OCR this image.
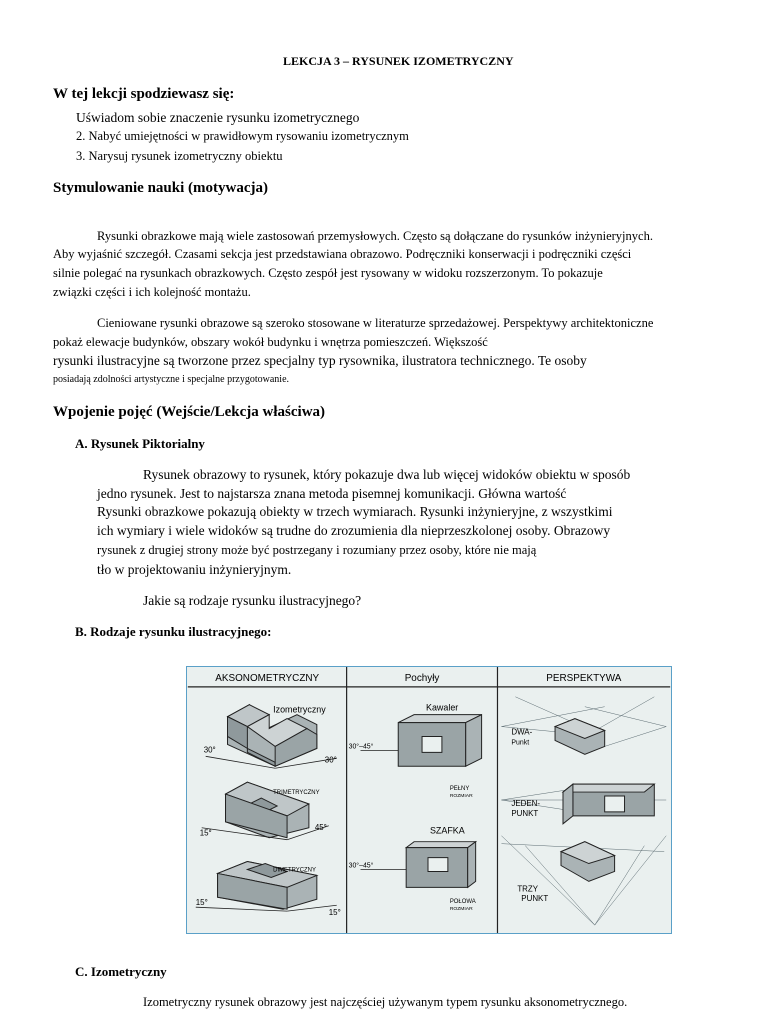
LEKCJA 3 – RYSUNEK IZOMETRYCZNY
W tej lekcji spodziewasz się:
Uświadom sobie znaczenie rysunku izometrycznego
2. Nabyć umiejętności w prawidłowym rysowaniu izometrycznym
3. Narysuj rysunek izometryczny obiektu
Stymulowanie nauki (motywacja)
Rysunki obrazkowe mają wiele zastosowań przemysłowych. Często są dołączane do rysunków inżynieryjnych.
Aby wyjaśnić szczegół. Czasami sekcja jest przedstawiana obrazowo. Podręczniki konserwacji i podręczniki części
silnie polegać na rysunkach obrazkowych. Często zespół jest rysowany w widoku rozszerzonym. To pokazuje
związki części i ich kolejność montażu.
Cieniowane rysunki obrazowe są szeroko stosowane w literaturze sprzedażowej. Perspektywy architektoniczne
pokaż elewacje budynków, obszary wokół budynku i wnętrza pomieszczeń. Większość
rysunki ilustracyjne są tworzone przez specjalny typ rysownika, ilustratora technicznego. Te osoby
posiadają zdolności artystyczne i specjalne przygotowanie.
Wpojenie pojęć (Wejście/Lekcja właściwa)
A. Rysunek Piktorialny
Rysunek obrazowy to rysunek, który pokazuje dwa lub więcej widoków obiektu w sposób
jedno rysunek. Jest to najstarsza znana metoda pisemnej komunikacji. Główna wartość
Rysunki obrazkowe pokazują obiekty w trzech wymiarach. Rysunki inżynieryjne, z wszystkimi
ich wymiary i wiele widoków są trudne do zrozumienia dla nieprzeszkolonej osoby. Obrazowy
rysunek z drugiej strony może być postrzegany i rozumiany przez osoby, które nie mają
tło w projektowaniu inżynieryjnym.
Jakie są rodzaje rysunku ilustracyjnego?
B. Rodzaje rysunku ilustracyjnego:
AKSONOMETRYCZNY	Pochyły	PERSPEKTYWA
Izometryczny
30°
30°
TRIMETRYCZNY
15°
45°
DIMETRYCZNY
15°
15°
Kawaler
30°–45°
PEŁNY
ROZMIAR
SZAFKA
30°–45°
POŁOWA
ROZMIAR
DWA-
Punkt
JEDEN-
PUNKT
TRZY
PUNKT
C. Izometryczny
Izometryczny rysunek obrazowy jest najczęściej używanym typem rysunku aksonometrycznego.
